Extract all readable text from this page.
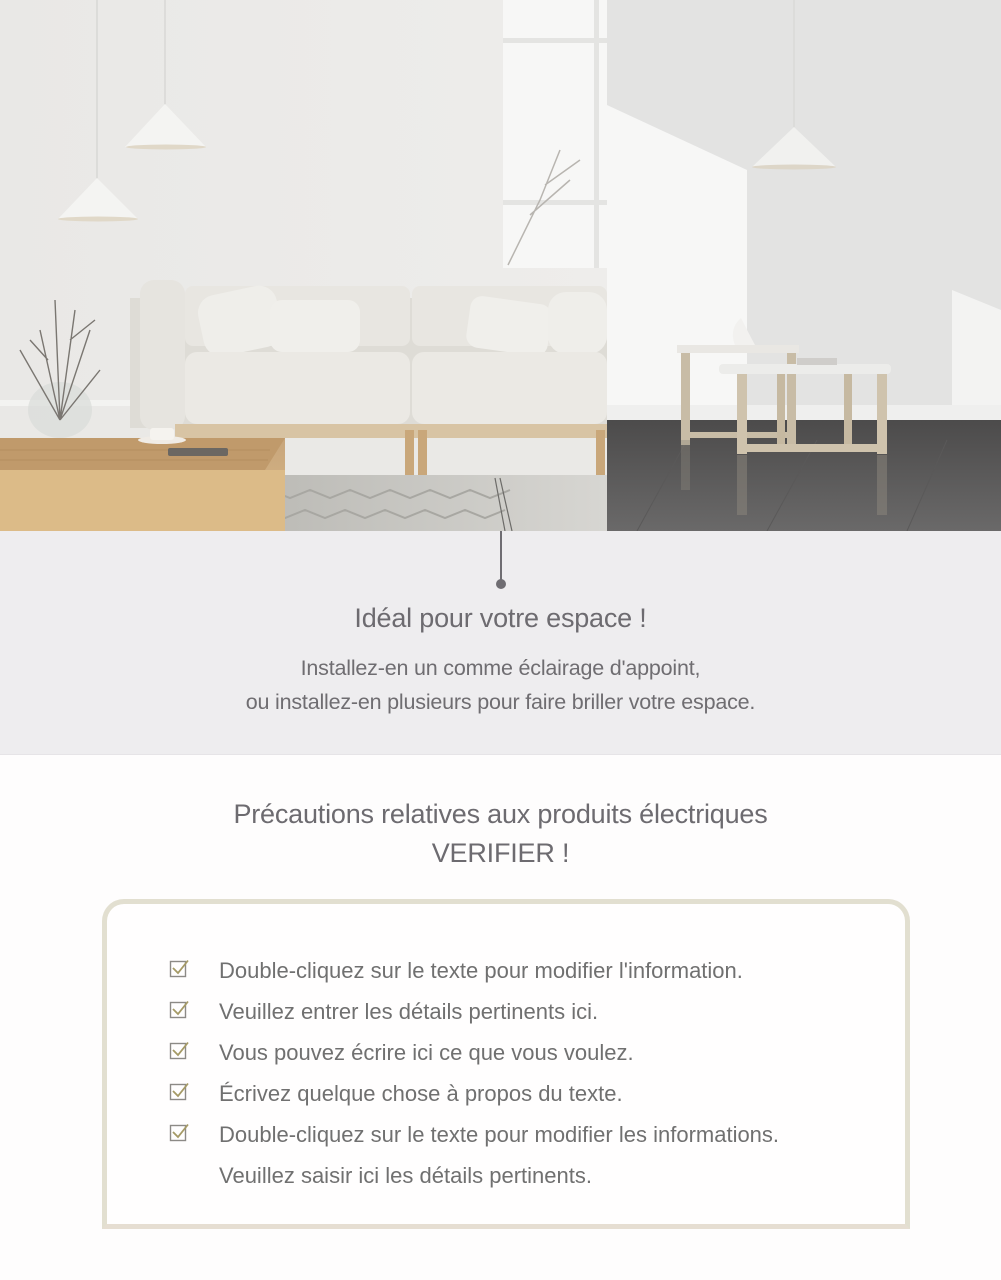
Idéal pour votre espace !

Installez-en un comme éclairage d'appoint,
ou installez-en plusieurs pour faire briller votre espace.

Précautions relatives aux produits électriques
VERIFIER !
Double-cliquez sur le texte pour modifier l'information.
Veuillez entrer les détails pertinents ici.
Vous pouvez écrire ici ce que vous voulez.
Écrivez quelque chose à propos du texte.
Double-cliquez sur le texte pour modifier les informations.
Veuillez saisir ici les détails pertinents.
